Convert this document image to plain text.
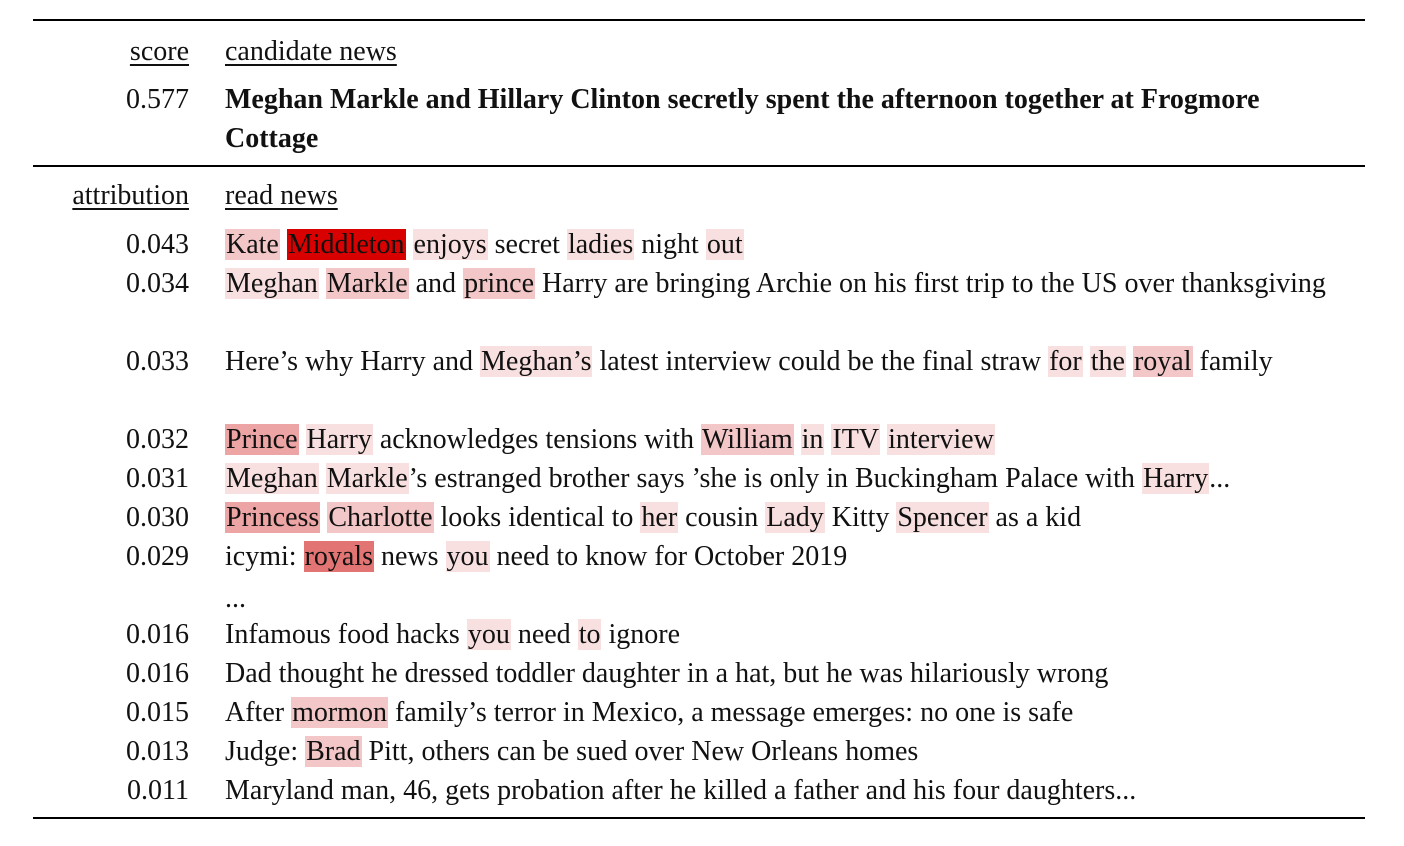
score candidate news
0.577 Meghan Markle and Hillary Clinton secretly spent the afternoon together at Frogmore Cottage
attribution read news
0.043 Kate Middleton enjoys secret ladies night out
0.034 Meghan Markle and prince Harry are bringing Archie on his first trip to the US over thanksgiving
0.033 Here’s why Harry and Meghan’s latest interview could be the final straw for the royal family
0.032 Prince Harry acknowledges tensions with William in ITV interview
0.031 Meghan Markle’s estranged brother says ’she is only in Buckingham Palace with Harry...
0.030 Princess Charlotte looks identical to her cousin Lady Kitty Spencer as a kid
0.029 icymi: royals news you need to know for October 2019
...
0.016 Infamous food hacks you need to ignore
0.016 Dad thought he dressed toddler daughter in a hat, but he was hilariously wrong
0.015 After mormon family’s terror in Mexico, a message emerges: no one is safe
0.013 Judge: Brad Pitt, others can be sued over New Orleans homes
0.011 Maryland man, 46, gets probation after he killed a father and his four daughters...
